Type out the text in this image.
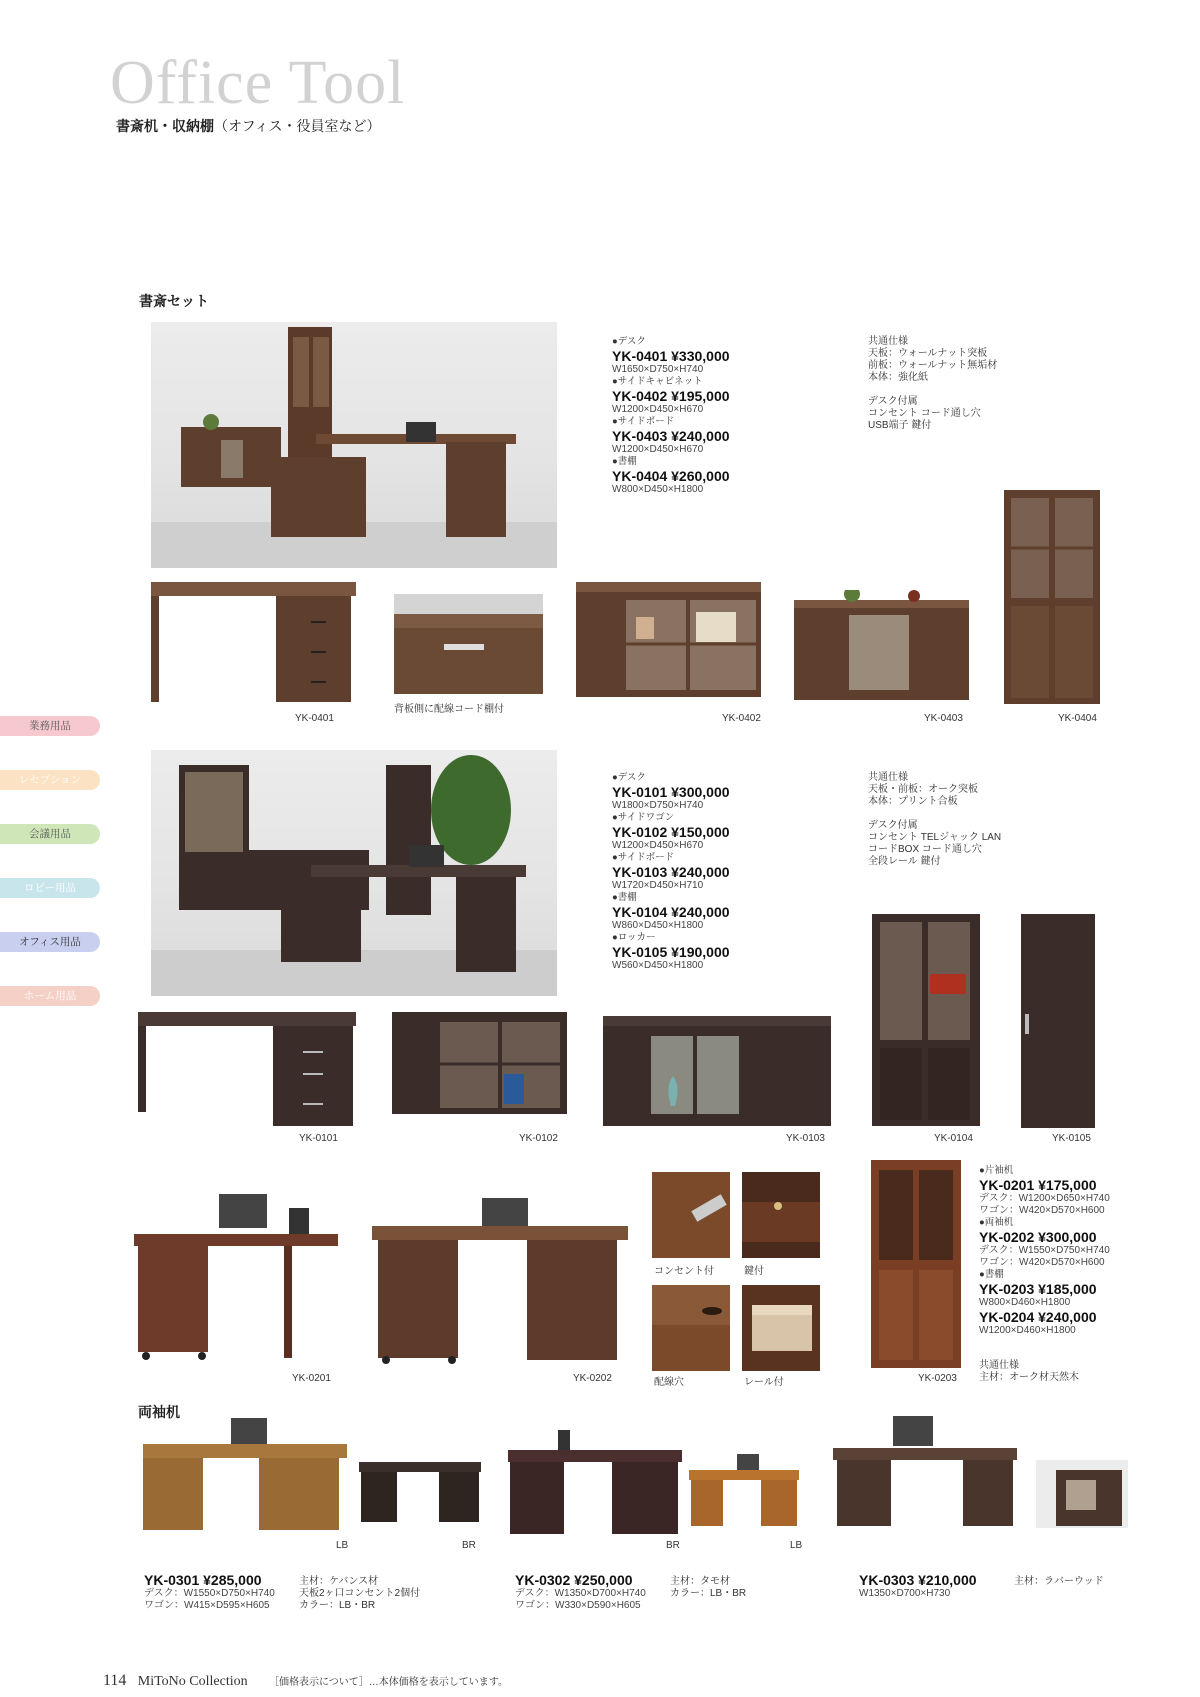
Office Tool
書斎机・収納棚（オフィス・役員室など）
書斎セット
業務用品
レセプション
会議用品
ロビー用品
オフィス用品
ホーム用品
●デスク
YK-0401 ¥330,000
W1650×D750×H740
●サイドキャビネット
YK-0402 ¥195,000
W1200×D450×H670
●サイドボード
YK-0403 ¥240,000
W1200×D450×H670
●書棚
YK-0404 ¥260,000
W800×D450×H1800
共通仕様
天板：ウォールナット突板
前板：ウォールナット無垢材
本体：強化紙

デスク付属
コンセント コード通し穴
USB端子 鍵付
YK-0401
背板側に配線コード棚付
YK-0402	YK-0403	YK-0404
●デスク
YK-0101 ¥300,000
W1800×D750×H740
●サイドワゴン
YK-0102 ¥150,000
W1200×D450×H670
●サイドボード
YK-0103 ¥240,000
W1720×D450×H710
●書棚
YK-0104 ¥240,000
W860×D450×H1800
●ロッカー
YK-0105 ¥190,000
W560×D450×H1800
共通仕様
天板・前板：オーク突板
本体：プリント合板

デスク付属
コンセント TELジャック LAN
コードBOX コード通し穴
全段レール 鍵付
YK-0101	YK-0102	YK-0103	YK-0104	YK-0105
●片袖机
YK-0201 ¥175,000
デスク：W1200×D650×H740
ワゴン：W420×D570×H600
●両袖机
YK-0202 ¥300,000
デスク：W1550×D750×H740
ワゴン：W420×D570×H600
●書棚
YK-0203 ¥185,000
W800×D460×H1800
YK-0204 ¥240,000
W1200×D460×H1800
共通仕様
主材：オーク材天然木
YK-0201	YK-0202
コンセント付	鍵付
配線穴	レール付	YK-0203
両袖机
LB	BR	BR	LB
YK-0301 ¥285,000
デスク：W1550×D750×H740
ワゴン：W415×D595×H605
主材：ケバンス材
天板2ヶ口コンセント2個付
カラー：LB・BR
YK-0302 ¥250,000
デスク：W1350×D700×H740
ワゴン：W330×D590×H605
主材：タモ材
カラー：LB・BR
YK-0303 ¥210,000
W1350×D700×H730
主材：ラバーウッド
114 MiToNo Collection ［価格表示について］…本体価格を表示しています。
